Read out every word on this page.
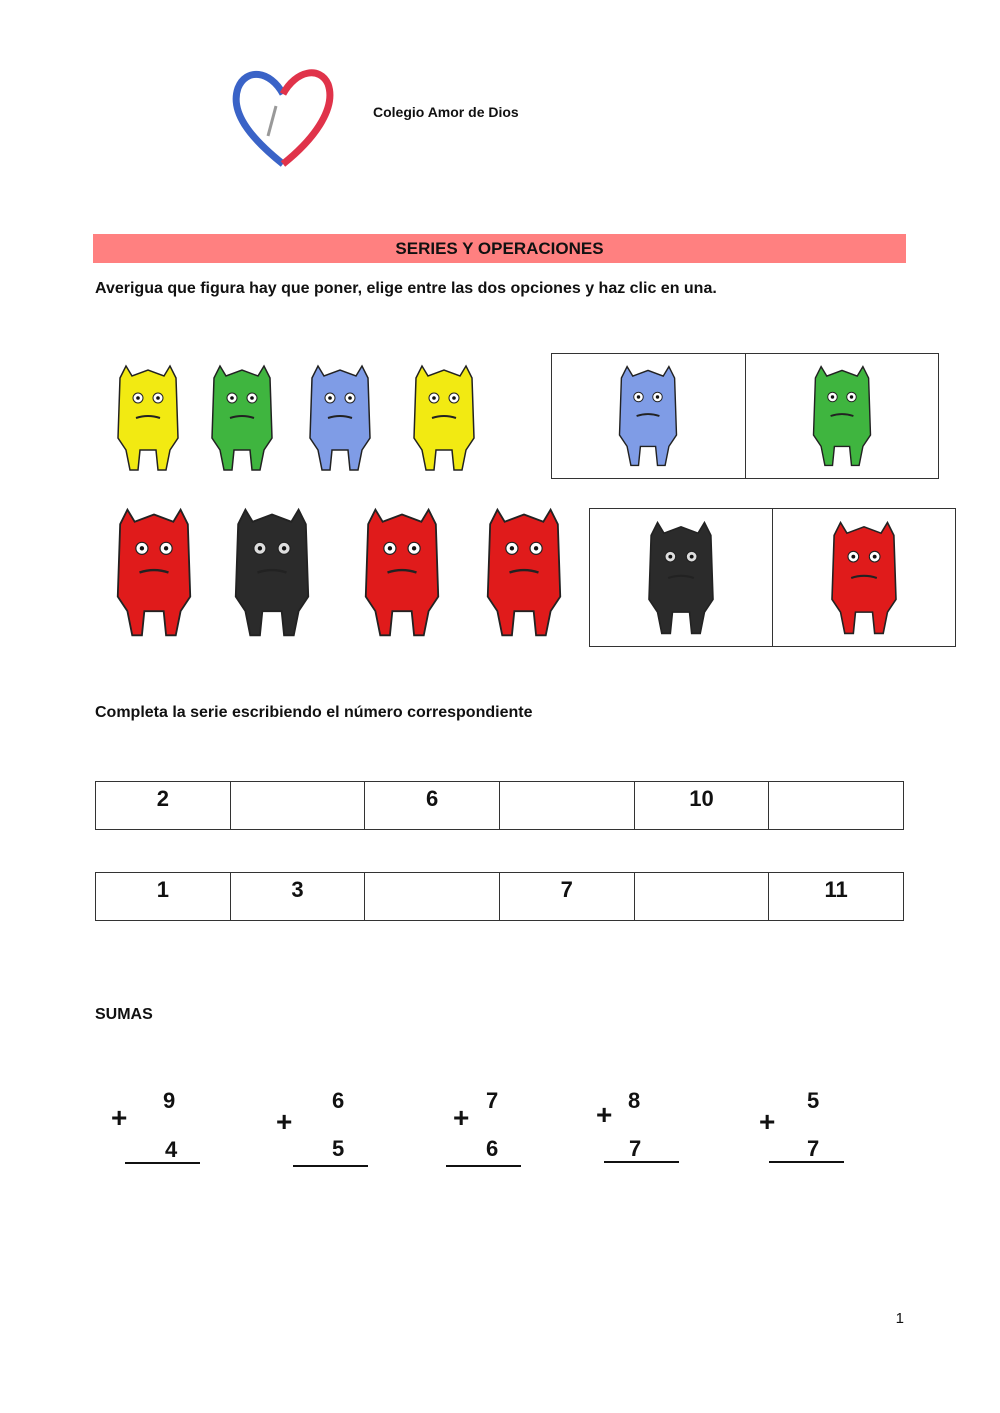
Colegio Amor de Dios
SERIES Y OPERACIONES
Averigua que figura hay que poner, elige entre las dos opciones y haz clic en una.
Completa la serie escribiendo el número correspondiente
2		6		10	
1	3		7		11
SUMAS
+
9
4
+
6
5
+
7
6
+ 8
7
+
5
7
1
